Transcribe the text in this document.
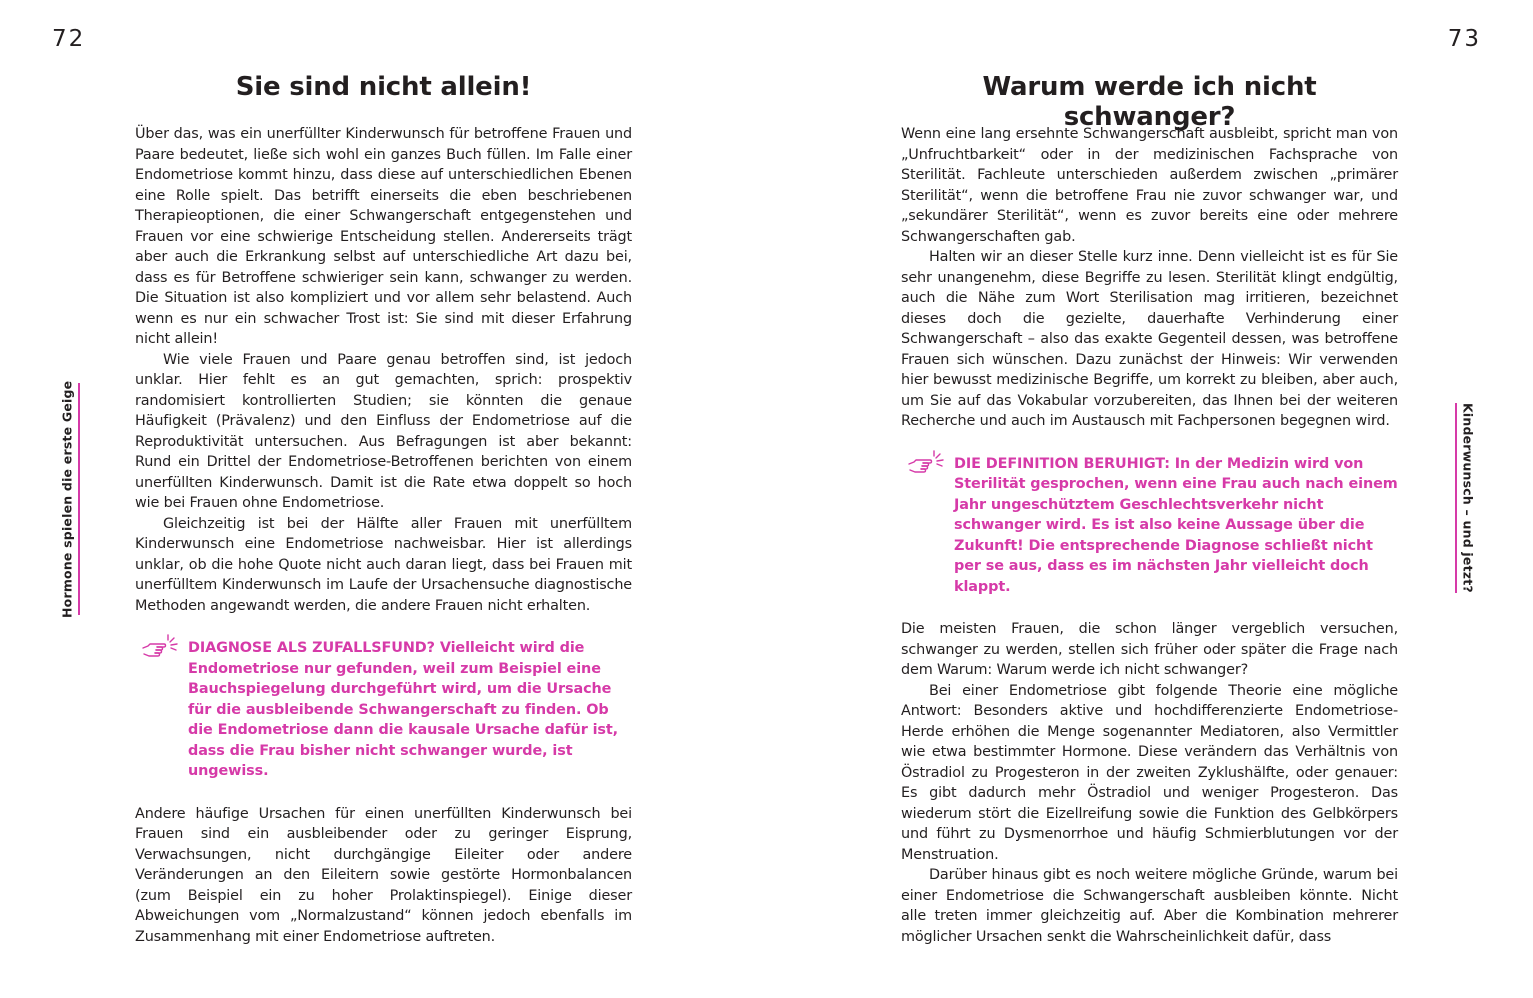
72
Hormone spielen die erste Geige
Sie sind nicht allein!

Über das, was ein unerfüllter Kinderwunsch für betroffene Frauen und Paare bedeutet, ließe sich wohl ein ganzes Buch füllen. Im Falle einer Endometriose kommt hinzu, dass diese auf unterschiedlichen Ebenen eine Rolle spielt. Das betrifft einerseits die eben beschriebenen Therapieoptionen, die einer Schwangerschaft entgegenstehen und Frauen vor eine schwierige Entscheidung stellen. Andererseits trägt aber auch die Erkrankung selbst auf unterschiedliche Art dazu bei, dass es für Betroffene schwieriger sein kann, schwanger zu werden. Die Situation ist also kompliziert und vor allem sehr belastend. Auch wenn es nur ein schwacher Trost ist: Sie sind mit dieser Erfahrung nicht allein!

Wie viele Frauen und Paare genau betroffen sind, ist jedoch unklar. Hier fehlt es an gut gemachten, sprich: prospektiv randomisiert kontrollierten Studien; sie könnten die genaue Häufigkeit (Prävalenz) und den Einfluss der Endometriose auf die Reproduktivität untersuchen. Aus Befragungen ist aber bekannt: Rund ein Drittel der Endometriose-Betroffenen berichten von einem unerfüllten Kinderwunsch. Damit ist die Rate etwa doppelt so hoch wie bei Frauen ohne Endometriose.

Gleichzeitig ist bei der Hälfte aller Frauen mit unerfülltem Kinderwunsch eine Endometriose nachweisbar. Hier ist allerdings unklar, ob die hohe Quote nicht auch daran liegt, dass bei Frauen mit unerfülltem Kinderwunsch im Laufe der Ursachensuche diagnostische Methoden angewandt werden, die andere Frauen nicht erhalten.

DIAGNOSE ALS ZUFALLSFUND? Vielleicht wird die Endometriose nur gefunden, weil zum Beispiel eine Bauchspiegelung durchgeführt wird, um die Ursache für die ausbleibende Schwangerschaft zu finden. Ob die Endometriose dann die kausale Ursache dafür ist, dass die Frau bisher nicht schwanger wurde, ist ungewiss.

Andere häufige Ursachen für einen unerfüllten Kinderwunsch bei Frauen sind ein ausbleibender oder zu geringer Eisprung, Verwachsungen, nicht durchgängige Eileiter oder andere Veränderungen an den Eileitern sowie gestörte Hormonbalancen (zum Beispiel ein zu hoher Prolaktinspiegel). Einige dieser Abweichungen vom „Normalzustand“ können jedoch ebenfalls im Zusammenhang mit einer Endometriose auftreten.

73
Kinderwunsch – und jetzt?
Warum werde ich nicht schwanger?

Wenn eine lang ersehnte Schwangerschaft ausbleibt, spricht man von „Unfruchtbarkeit“ oder in der medizinischen Fachsprache von Sterilität. Fachleute unterschieden außerdem zwischen „primärer Sterilität“, wenn die betroffene Frau nie zuvor schwanger war, und „sekundärer Sterilität“, wenn es zuvor bereits eine oder mehrere Schwangerschaften gab.

Halten wir an dieser Stelle kurz inne. Denn vielleicht ist es für Sie sehr unangenehm, diese Begriffe zu lesen. Sterilität klingt endgültig, auch die Nähe zum Wort Sterilisation mag irritieren, bezeichnet dieses doch die gezielte, dauerhafte Verhinderung einer Schwangerschaft – also das exakte Gegenteil dessen, was betroffene Frauen sich wünschen. Dazu zunächst der Hinweis: Wir verwenden hier bewusst medizinische Begriffe, um korrekt zu bleiben, aber auch, um Sie auf das Vokabular vorzubereiten, das Ihnen bei der weiteren Recherche und auch im Austausch mit Fachpersonen begegnen wird.

DIE DEFINITION BERUHIGT: In der Medizin wird von Sterilität gesprochen, wenn eine Frau auch nach einem Jahr ungeschütztem Geschlechtsverkehr nicht schwanger wird. Es ist also keine Aussage über die Zukunft! Die entsprechende Diagnose schließt nicht per se aus, dass es im nächsten Jahr vielleicht doch klappt.

Die meisten Frauen, die schon länger vergeblich versuchen, schwanger zu werden, stellen sich früher oder später die Frage nach dem Warum: Warum werde ich nicht schwanger?

Bei einer Endometriose gibt folgende Theorie eine mögliche Antwort: Besonders aktive und hochdifferenzierte Endometriose-Herde erhöhen die Menge sogenannter Mediatoren, also Vermittler wie etwa bestimmter Hormone. Diese verändern das Verhältnis von Östradiol zu Progesteron in der zweiten Zyklushälfte, oder genauer: Es gibt dadurch mehr Östradiol und weniger Progesteron. Das wiederum stört die Eizellreifung sowie die Funktion des Gelbkörpers und führt zu Dysmenorrhoe und häufig Schmierblutungen vor der Menstruation.

Darüber hinaus gibt es noch weitere mögliche Gründe, warum bei einer Endometriose die Schwangerschaft ausbleiben könnte. Nicht alle treten immer gleichzeitig auf. Aber die Kombination mehrerer möglicher Ursachen senkt die Wahrscheinlichkeit dafür, dass
